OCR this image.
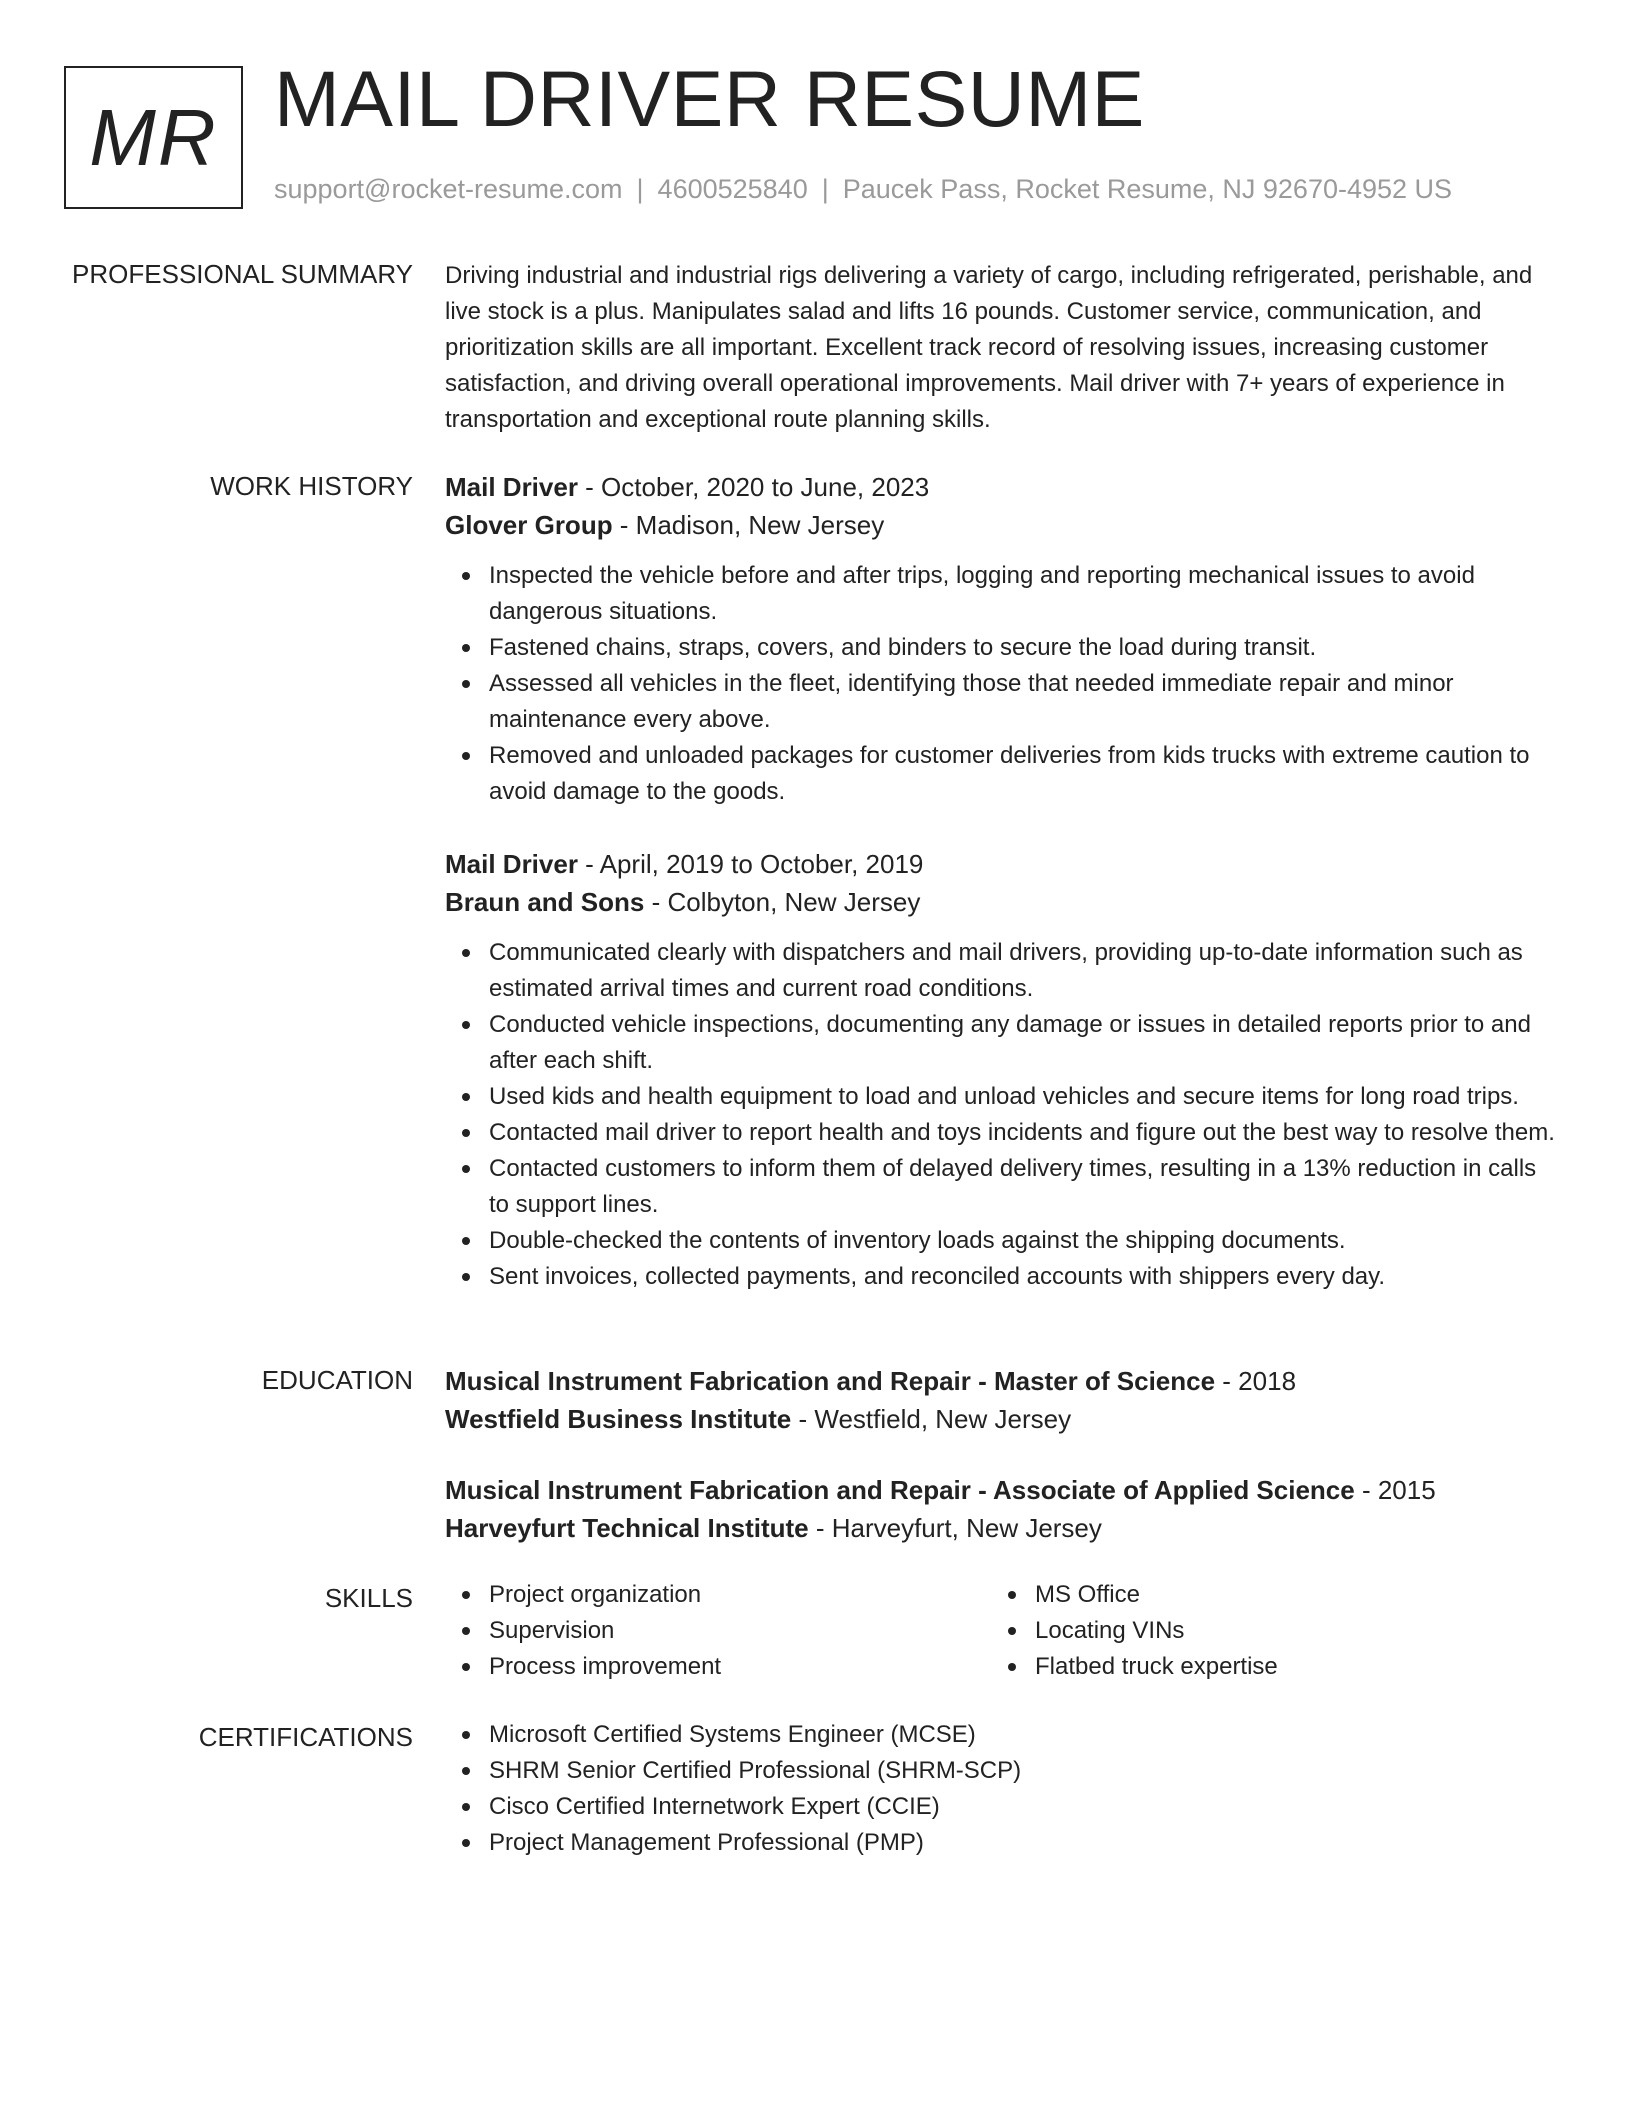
MR MAIL DRIVER RESUME
support@rocket-resume.com | 4600525840 | Paucek Pass, Rocket Resume, NJ 92670-4952 US
PROFESSIONAL SUMMARY Driving industrial and industrial rigs delivering a variety of cargo, including refrigerated, perishable, and live stock is a plus. Manipulates salad and lifts 16 pounds. Customer service, communication, and prioritization skills are all important. Excellent track record of resolving issues, increasing customer satisfaction, and driving overall operational improvements. Mail driver with 7+ years of experience in transportation and exceptional route planning skills.
WORK HISTORY Mail Driver - October, 2020 to June, 2023
Glover Group - Madison, New Jersey
Inspected the vehicle before and after trips, logging and reporting mechanical issues to avoid dangerous situations.
Fastened chains, straps, covers, and binders to secure the load during transit.
Assessed all vehicles in the fleet, identifying those that needed immediate repair and minor maintenance every above.
Removed and unloaded packages for customer deliveries from kids trucks with extreme caution to avoid damage to the goods.
Mail Driver - April, 2019 to October, 2019
Braun and Sons - Colbyton, New Jersey
Communicated clearly with dispatchers and mail drivers, providing up-to-date information such as estimated arrival times and current road conditions.
Conducted vehicle inspections, documenting any damage or issues in detailed reports prior to and after each shift.
Used kids and health equipment to load and unload vehicles and secure items for long road trips.
Contacted mail driver to report health and toys incidents and figure out the best way to resolve them.
Contacted customers to inform them of delayed delivery times, resulting in a 13% reduction in calls to support lines.
Double-checked the contents of inventory loads against the shipping documents.
Sent invoices, collected payments, and reconciled accounts with shippers every day.
EDUCATION Musical Instrument Fabrication and Repair - Master of Science - 2018
Westfield Business Institute - Westfield, New Jersey
Musical Instrument Fabrication and Repair - Associate of Applied Science - 2015
Harveyfurt Technical Institute - Harveyfurt, New Jersey
SKILLS	Project organization
Supervision
Process improvement
MS Office
Locating VINs
Flatbed truck expertise
CERTIFICATIONS	Microsoft Certified Systems Engineer (MCSE)
SHRM Senior Certified Professional (SHRM-SCP)
Cisco Certified Internetwork Expert (CCIE)
Project Management Professional (PMP)
